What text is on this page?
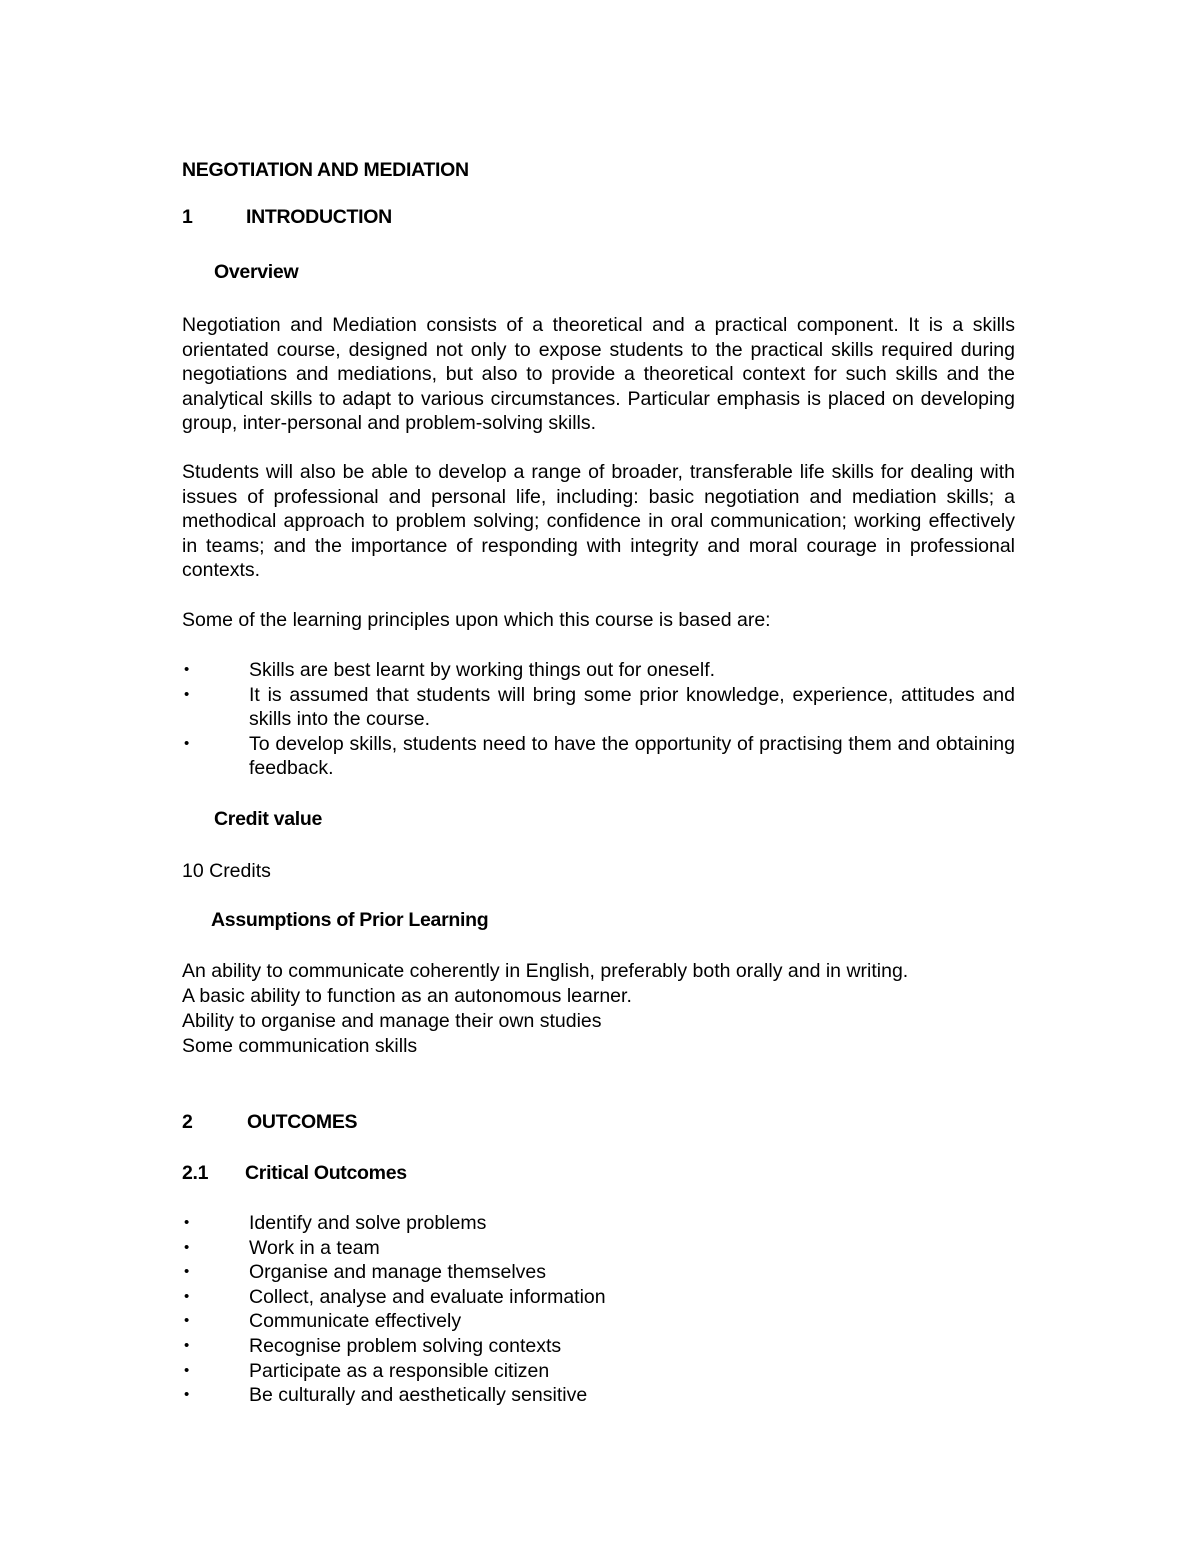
NEGOTIATION AND MEDIATION
1	INTRODUCTION
Overview
Negotiation and Mediation consists of a theoretical and a practical component. It is a skills orientated course, designed not only to expose students to the practical skills required during negotiations and mediations, but also to provide a theoretical context for such skills and the analytical skills to adapt to various circumstances. Particular emphasis is placed on developing group, inter-personal and problem-solving skills.
Students will also be able to develop a range of broader, transferable life skills for dealing with issues of professional and personal life, including: basic negotiation and mediation skills; a methodical approach to problem solving; confidence in oral communication; working effectively in teams; and the importance of responding with integrity and moral courage in professional contexts.
Some of the learning principles upon which this course is based are:
•	Skills are best learnt by working things out for oneself.
•	It is assumed that students will bring some prior knowledge, experience, attitudes and skills into the course.
•	To develop skills, students need to have the opportunity of practising them and obtaining feedback.
Credit value
10 Credits
Assumptions of Prior Learning
An ability to communicate coherently in English, preferably both orally and in writing.
A basic ability to function as an autonomous learner.
Ability to organise and manage their own studies
Some communication skills
2	OUTCOMES
2.1 Critical Outcomes
•	Identify and solve problems
•	Work in a team
•	Organise and manage themselves
•	Collect, analyse and evaluate information
•	Communicate effectively
•	Recognise problem solving contexts
•	Participate as a responsible citizen
•	Be culturally and aesthetically sensitive
